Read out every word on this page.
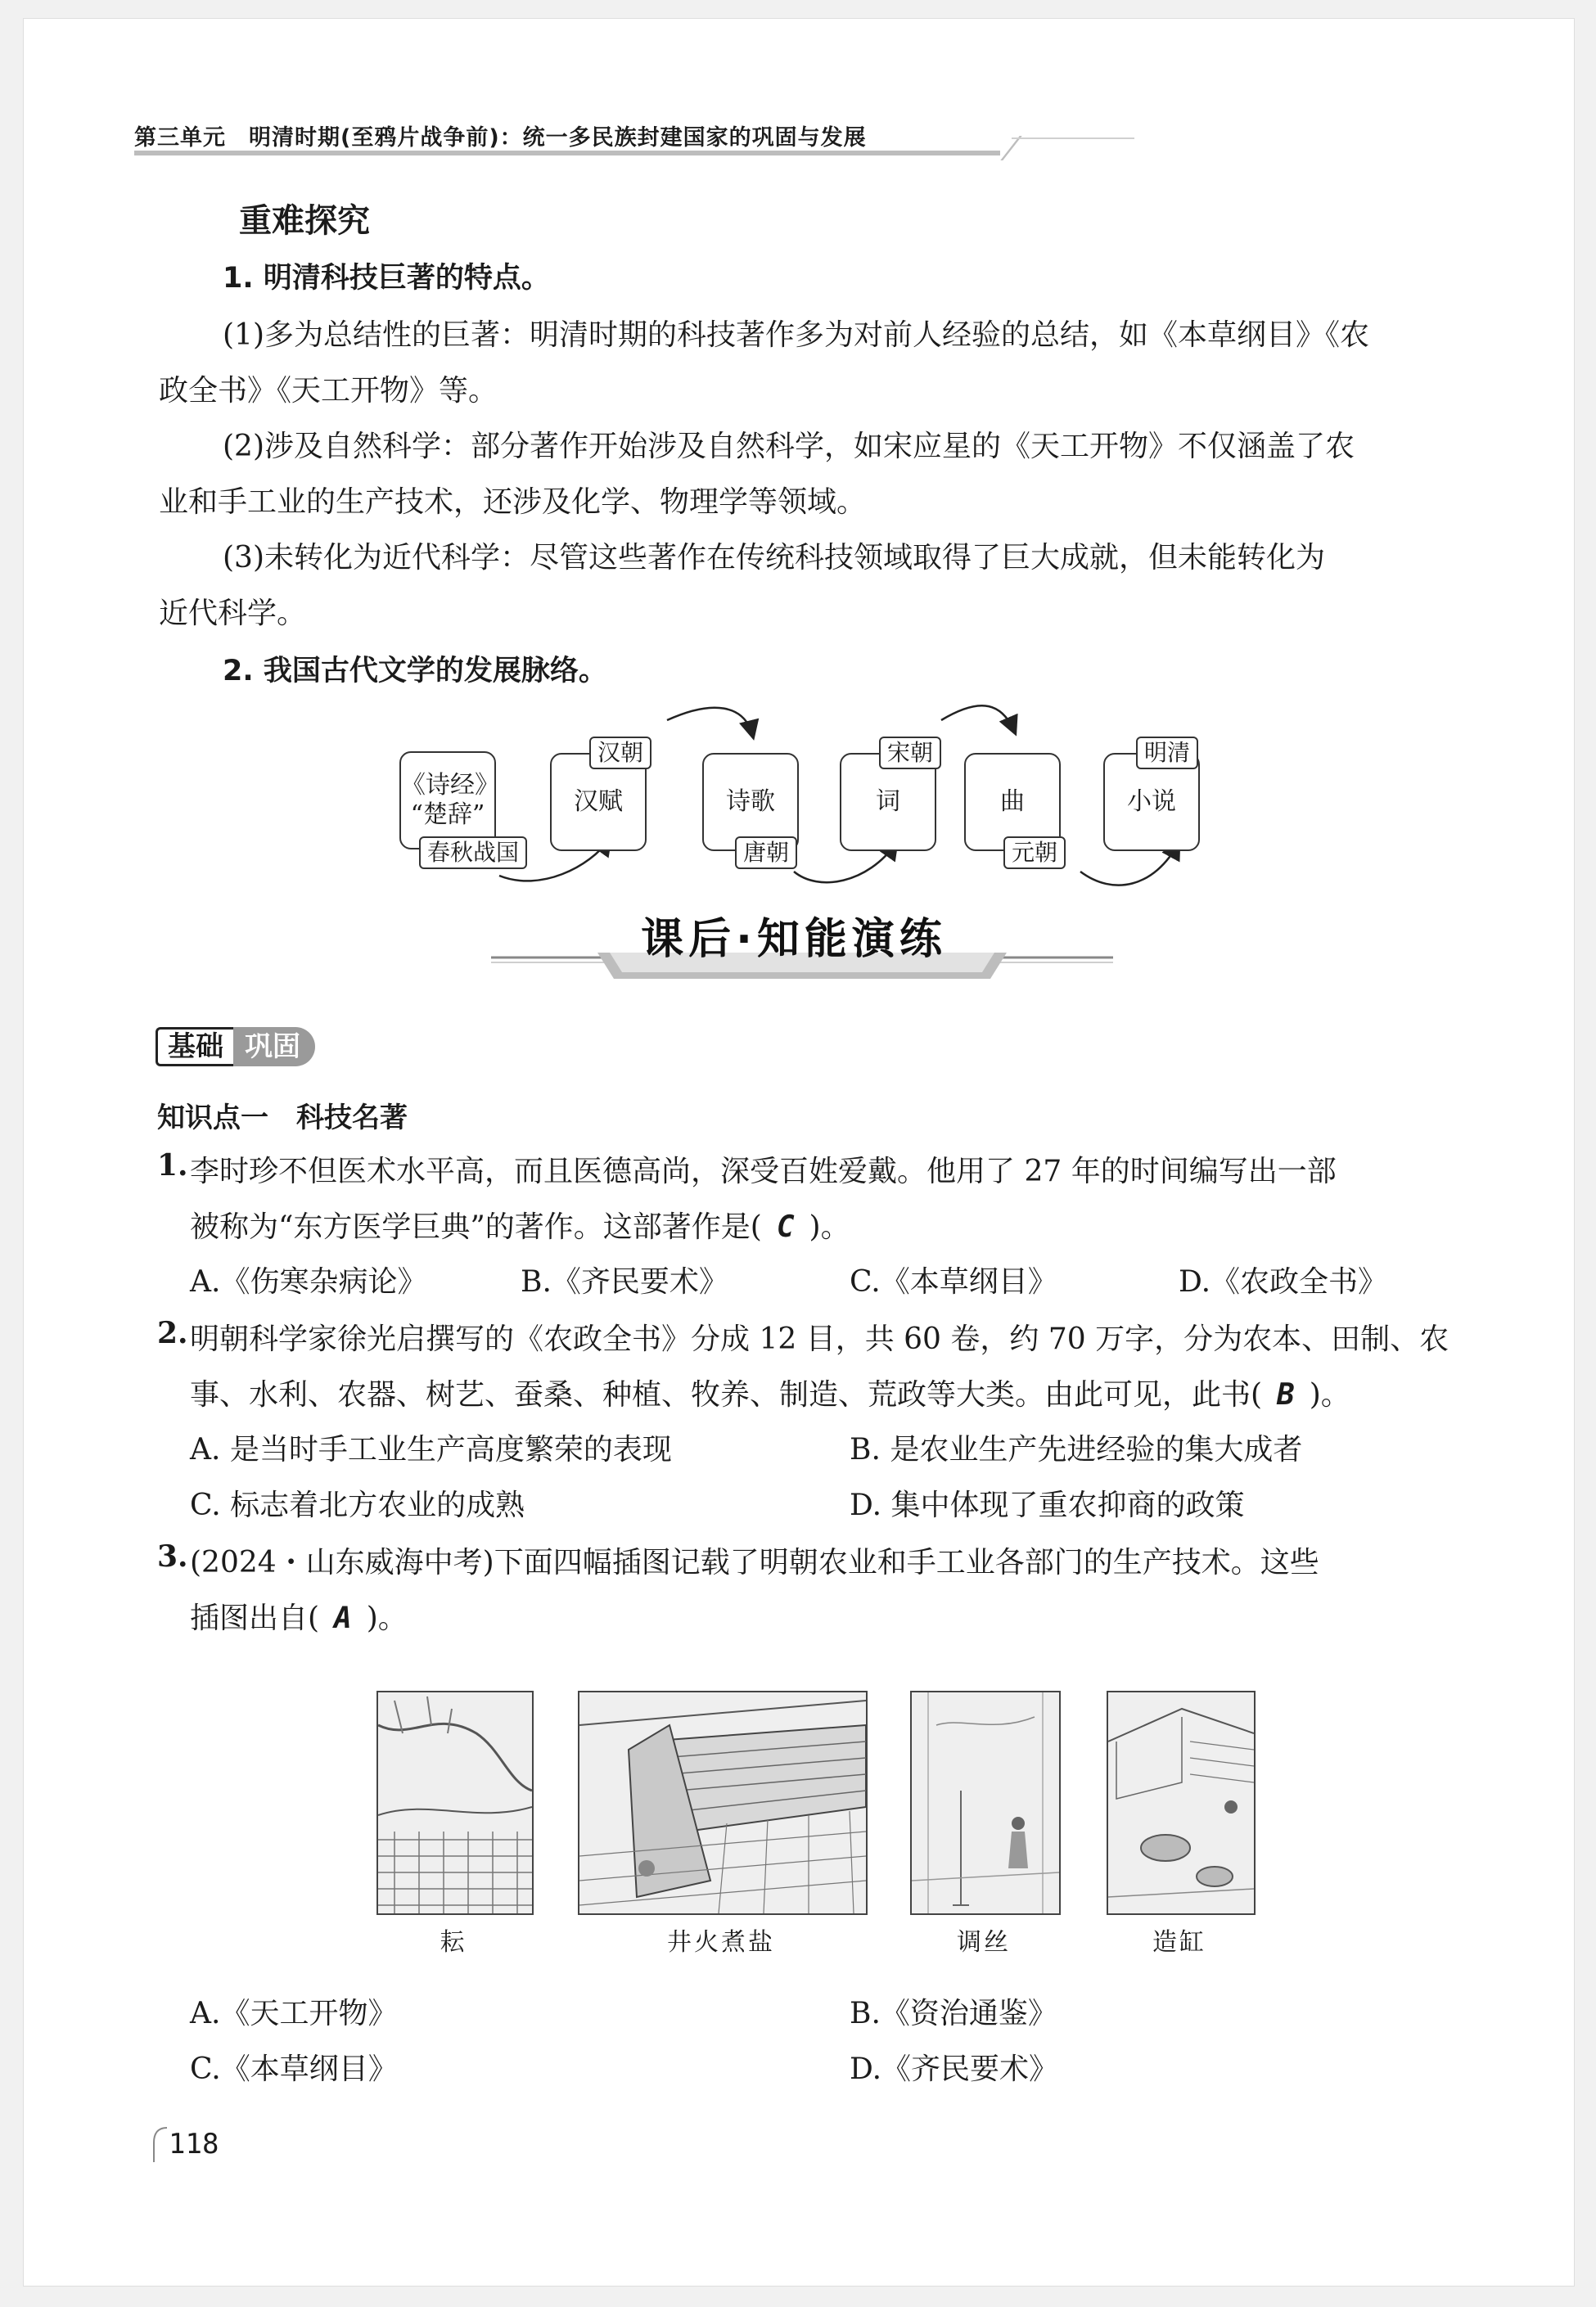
第三单元　明清时期(至鸦片战争前)：统一多民族封建国家的巩固与发展
重难探究
1. 明清科技巨著的特点。
(1)多为总结性的巨著：明清时期的科技著作多为对前人经验的总结，如《本草纲目》《农
政全书》《天工开物》等。
(2)涉及自然科学：部分著作开始涉及自然科学，如宋应星的《天工开物》不仅涵盖了农
业和手工业的生产技术，还涉及化学、物理学等领域。
(3)未转化为近代科学：尽管这些著作在传统科技领域取得了巨大成就，但未能转化为
近代科学。
2. 我国古代文学的发展脉络。
《诗经》
“楚辞”
春秋战国
汉赋
汉朝
诗歌
唐朝
词
宋朝
曲
元朝
小说
明清
课后·知能演练
基础 巩固
知识点一　科技名著
1. 李时珍不但医术水平高，而且医德高尚，深受百姓爱戴。他用了 27 年的时间编写出一部
被称为“东方医学巨典”的著作。这部著作是( C )。
A.《伤寒杂病论》	B.《齐民要术》	C.《本草纲目》	D.《农政全书》
2. 明朝科学家徐光启撰写的《农政全书》分成 12 目，共 60 卷，约 70 万字，分为农本、田制、农
事、水利、农器、树艺、蚕桑、种植、牧养、制造、荒政等大类。由此可见，此书( B )。
A. 是当时手工业生产高度繁荣的表现	B. 是农业生产先进经验的集大成者
C. 标志着北方农业的成熟	D. 集中体现了重农抑商的政策
3. (2024・山东威海中考)下面四幅插图记载了明朝农业和手工业各部门的生产技术。这些
插图出自( A )。
耘	井火煮盐	调丝	造缸
A.《天工开物》	B.《资治通鉴》
C.《本草纲目》	D.《齐民要术》
118
